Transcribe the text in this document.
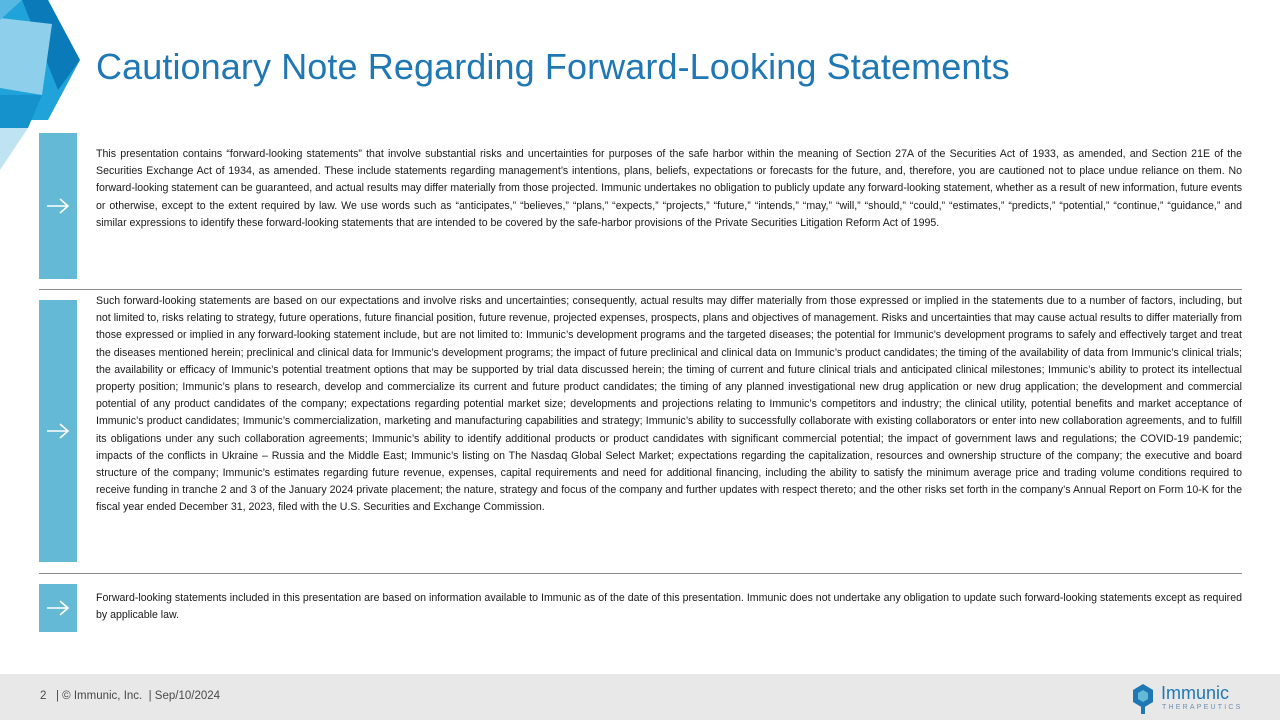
Cautionary Note Regarding Forward-Looking Statements

This presentation contains “forward-looking statements” that involve substantial risks and uncertainties for purposes of the safe harbor within the meaning of Section 27A of the Securities Act of 1933, as amended, and Section 21E of the Securities Exchange Act of 1934, as amended. These include statements regarding management’s intentions, plans, beliefs, expectations or forecasts for the future, and, therefore, you are cautioned not to place undue reliance on them. No forward-looking statement can be guaranteed, and actual results may differ materially from those projected. Immunic undertakes no obligation to publicly update any forward-looking statement, whether as a result of new information, future events or otherwise, except to the extent required by law. We use words such as “anticipates,” “believes,” “plans,” “expects,” “projects,” “future,” “intends,” “may,” “will,” “should,” “could,” “estimates,” “predicts,” “potential,” “continue,” “guidance,” and similar expressions to identify these forward-looking statements that are intended to be covered by the safe-harbor provisions of the Private Securities Litigation Reform Act of 1995.

Such forward-looking statements are based on our expectations and involve risks and uncertainties; consequently, actual results may differ materially from those expressed or implied in the statements due to a number of factors, including, but not limited to, risks relating to strategy, future operations, future financial position, future revenue, projected expenses, prospects, plans and objectives of management. Risks and uncertainties that may cause actual results to differ materially from those expressed or implied in any forward-looking statement include, but are not limited to: Immunic’s development programs and the targeted diseases; the potential for Immunic’s development programs to safely and effectively target and treat the diseases mentioned herein; preclinical and clinical data for Immunic’s development programs; the impact of future preclinical and clinical data on Immunic’s product candidates; the timing of the availability of data from Immunic’s clinical trials; the availability or efficacy of Immunic’s potential treatment options that may be supported by trial data discussed herein; the timing of current and future clinical trials and anticipated clinical milestones; Immunic’s ability to protect its intellectual property position; Immunic’s plans to research, develop and commercialize its current and future product candidates; the timing of any planned investigational new drug application or new drug application; the development and commercial potential of any product candidates of the company; expectations regarding potential market size; developments and projections relating to Immunic’s competitors and industry; the clinical utility, potential benefits and market acceptance of Immunic’s product candidates; Immunic’s commercialization, marketing and manufacturing capabilities and strategy; Immunic’s ability to successfully collaborate with existing collaborators or enter into new collaboration agreements, and to fulfill its obligations under any such collaboration agreements; Immunic’s ability to identify additional products or product candidates with significant commercial potential; the impact of government laws and regulations; the COVID-19 pandemic; impacts of the conflicts in Ukraine – Russia and the Middle East; Immunic’s listing on The Nasdaq Global Select Market; expectations regarding the capitalization, resources and ownership structure of the company; the executive and board structure of the company; Immunic’s estimates regarding future revenue, expenses, capital requirements and need for additional financing, including the ability to satisfy the minimum average price and trading volume conditions required to receive funding in tranche 2 and 3 of the January 2024 private placement; the nature, strategy and focus of the company and further updates with respect thereto; and the other risks set forth in the company’s Annual Report on Form 10-K for the fiscal year ended December 31, 2023, filed with the U.S. Securities and Exchange Commission.

Forward-looking statements included in this presentation are based on information available to Immunic as of the date of this presentation. Immunic does not undertake any obligation to update such forward-looking statements except as required by applicable law.

2 | © Immunic, Inc. | Sep/10/2024	Immunic
THERAPEUTICS
